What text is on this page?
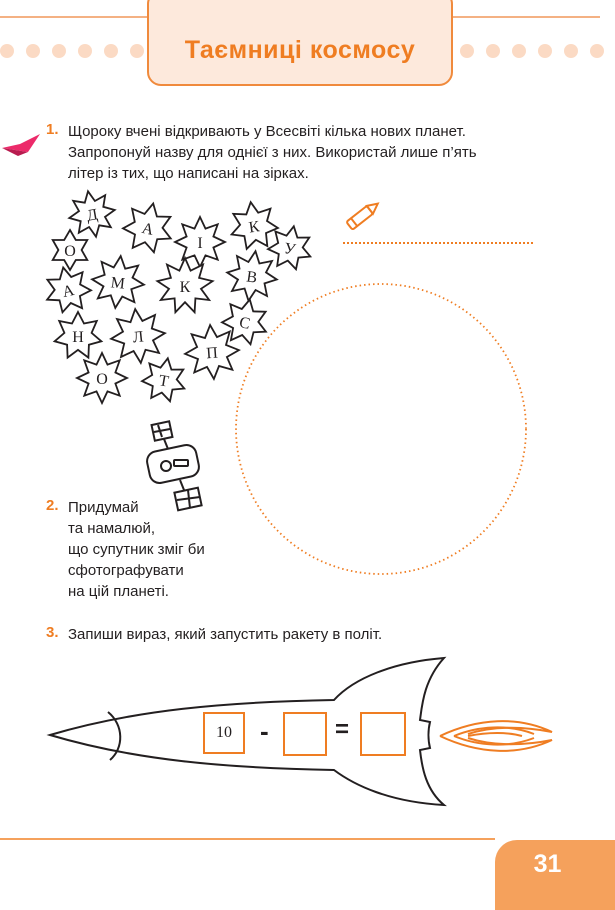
Таємниці космосу
1. Щороку вчені відкривають у Всесвіті кілька нових планет.
Запропонуй назву для однієї з них. Використай лише п’ять
літер із тих, що написані на зірках.
Д
А
І
К
О	У
А М	К
В
Н	Л
С
О	Т
П
2. Придумай
та намалюй,
що супутник зміг би
сфотографувати
на цій планеті.
3. Запиши вираз, який запустить ракету в політ.
10 -	=
31
